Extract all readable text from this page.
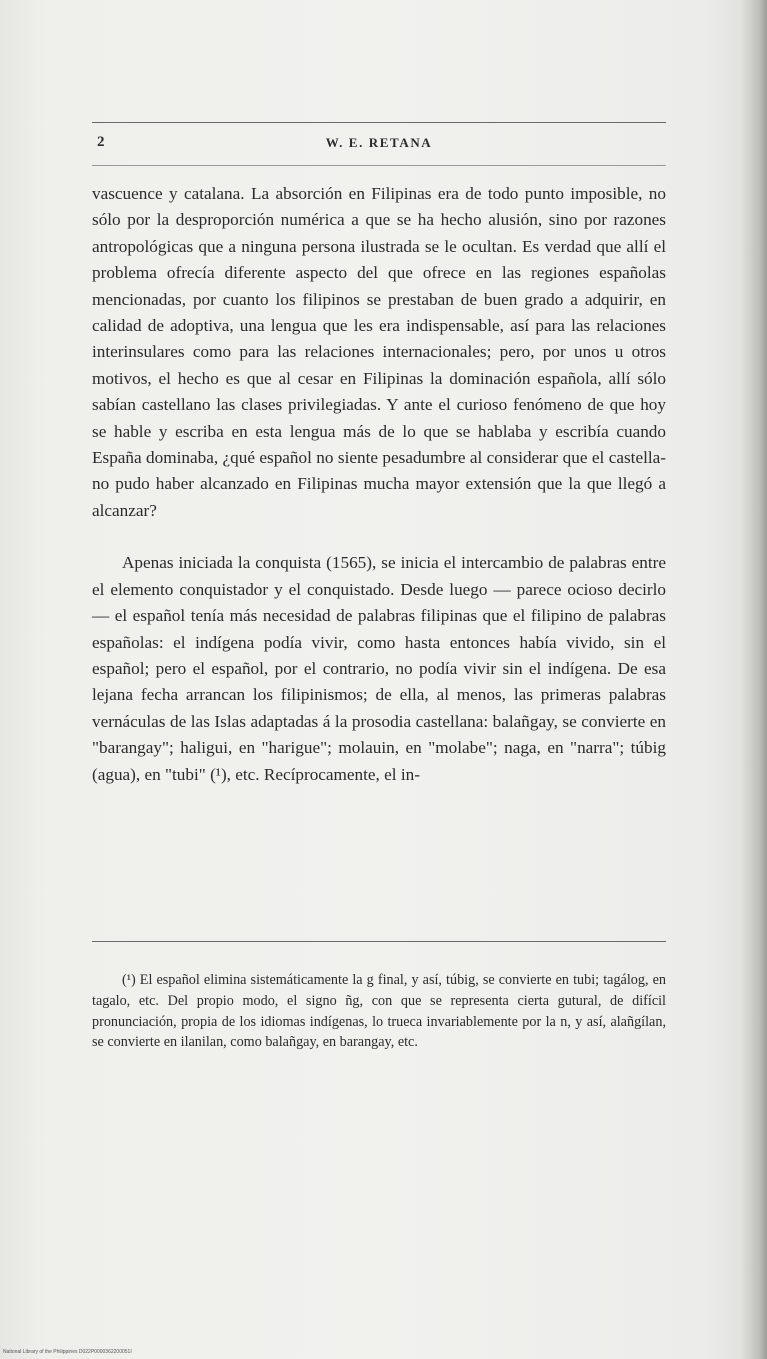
2	W. E. RETANA

vascuence y catalana. La absorción en Filipinas era de todo punto imposible, no sólo por la desproporción numérica a que se ha hecho alusión, sino por razones antropológicas que a ninguna persona ilustrada se le ocultan. Es verdad que allí el problema ofrecía diferente aspecto del que ofrece en las regiones españolas mencionadas, por cuanto los filipinos se prestaban de buen grado a adquirir, en calidad de adoptiva, una lengua que les era indispensable, así para las relaciones interinsulares como para las relaciones internacionales; pero, por unos u otros motivos, el hecho es que al cesar en Filipinas la dominación española, allí sólo sabían castellano las clases privilegiadas. Y ante el curioso fenómeno de que hoy se hable y escriba en esta lengua más de lo que se hablaba y escribía cuando España dominaba, ¿qué español no siente pesadumbre al considerar que el castellano pudo haber alcanzado en Filipinas mucha mayor extensión que la que llegó a alcanzar?

Apenas iniciada la conquista (1565), se inicia el intercambio de palabras entre el elemento conquistador y el conquistado. Desde luego — parece ocioso decirlo — el español tenía más necesidad de palabras filipinas que el filipino de palabras españolas: el indígena podía vivir, como hasta entonces había vivido, sin el español; pero el español, por el contrario, no podía vivir sin el indígena. De esa lejana fecha arrancan los filipinismos; de ella, al menos, las primeras palabras vernáculas de las Islas adaptadas á la prosodia castellana: balañgay, se convierte en "barangay"; haligui, en "harigue"; molauin, en "molabe"; naga, en "narra"; túbig (agua), en "tubi" (¹), etc. Recíprocamente, el in-

(¹) El español elimina sistemáticamente la g final, y así, túbig, se convierte en tubi; tagálog, en tagalo, etc. Del propio modo, el signo ñg, con que se representa cierta gutural, de difícil pronunciación, propia de los idiomas indígenas, lo trueca invariablemente por la n, y así, alañgílan, se convierte en ilanilan, como balañgay, en barangay, etc.

National Library of the Philippines D022P0000362200051I
